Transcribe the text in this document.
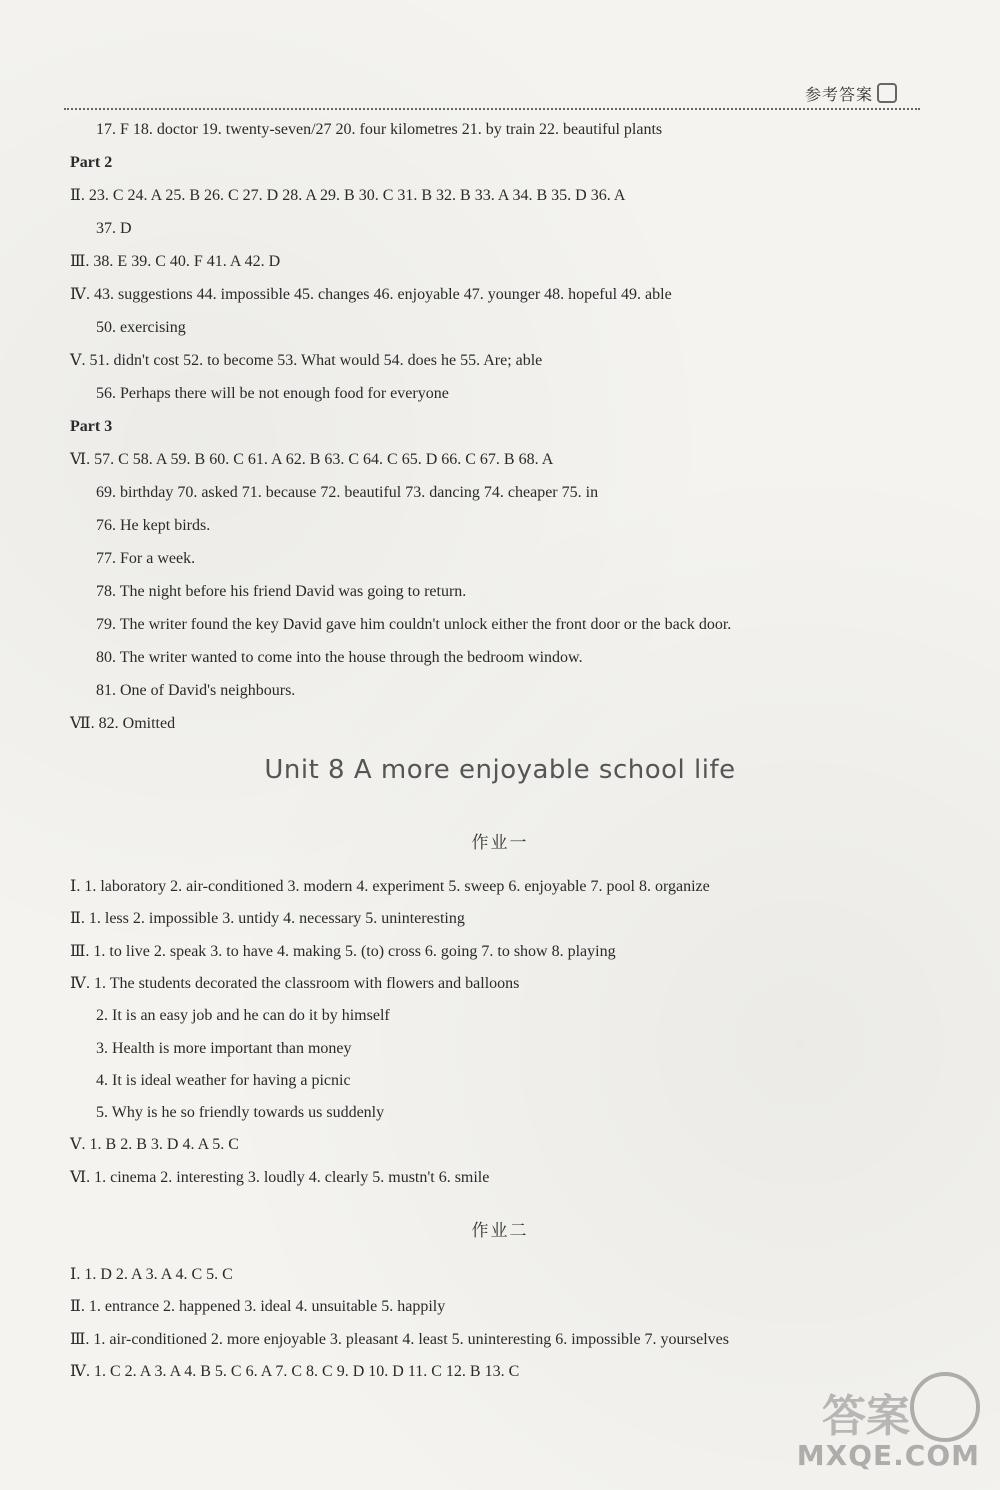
参考答案
17. F 18. doctor 19. twenty-seven/27 20. four kilometres 21. by train 22. beautiful plants
Part 2
Ⅱ. 23. C 24. A 25. B 26. C 27. D 28. A 29. B 30. C 31. B 32. B 33. A 34. B 35. D 36. A
37. D
Ⅲ. 38. E 39. C 40. F 41. A 42. D
Ⅳ. 43. suggestions 44. impossible 45. changes 46. enjoyable 47. younger 48. hopeful 49. able
50. exercising
Ⅴ. 51. didn't cost 52. to become 53. What would 54. does he 55. Are; able
56. Perhaps there will be not enough food for everyone
Part 3
Ⅵ. 57. C 58. A 59. B 60. C 61. A 62. B 63. C 64. C 65. D 66. C 67. B 68. A
69. birthday 70. asked 71. because 72. beautiful 73. dancing 74. cheaper 75. in
76. He kept birds.
77. For a week.
78. The night before his friend David was going to return.
79. The writer found the key David gave him couldn't unlock either the front door or the back door.
80. The writer wanted to come into the house through the bedroom window.
81. One of David's neighbours.
Ⅶ. 82. Omitted
Unit 8 A more enjoyable school life
作业一
Ⅰ. 1. laboratory 2. air-conditioned 3. modern 4. experiment 5. sweep 6. enjoyable 7. pool 8. organize
Ⅱ. 1. less 2. impossible 3. untidy 4. necessary 5. uninteresting
Ⅲ. 1. to live 2. speak 3. to have 4. making 5. (to) cross 6. going 7. to show 8. playing
Ⅳ. 1. The students decorated the classroom with flowers and balloons
2. It is an easy job and he can do it by himself
3. Health is more important than money
4. It is ideal weather for having a picnic
5. Why is he so friendly towards us suddenly
Ⅴ. 1. B 2. B 3. D 4. A 5. C
Ⅵ. 1. cinema 2. interesting 3. loudly 4. clearly 5. mustn't 6. smile
作业二
Ⅰ. 1. D 2. A 3. A 4. C 5. C
Ⅱ. 1. entrance 2. happened 3. ideal 4. unsuitable 5. happily
Ⅲ. 1. air-conditioned 2. more enjoyable 3. pleasant 4. least 5. uninteresting 6. impossible 7. yourselves
Ⅳ. 1. C 2. A 3. A 4. B 5. C 6. A 7. C 8. C 9. D 10. D 11. C 12. B 13. C
答案
MXQE.COM
